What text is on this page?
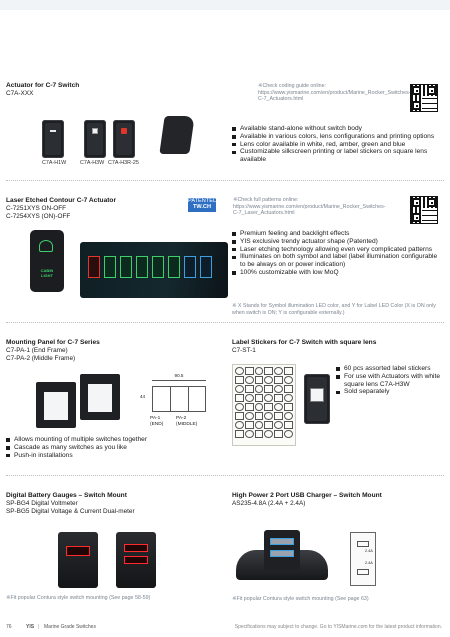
Actuator for C-7 Switch
C7A-XXX
※Check coding guide online: https://www.yismarine.com/en/product/Marine_Rocker_Switches-C-7_Actuators.html
C7A-H1W	C7A-H3W C7A-H3R-25
Available stand-alone without switch body
Available in various colors, lens configurations and printing options
Lens color available in white, red, amber, green and blue
Customizable silkscreen printing or label stickers on square lens available
Laser Etched Contour C-7 Actuator
C-7251XYS ON-OFF
C-7254XYS (ON)-OFF
PATENTED
TW.CH
※Check full patterns online: https://www.yismarine.com/en/product/Marine_Rocker_Switches-C-7_Laser_Actuators.html
CABIN
LIGHT
Premium feeling and backlight effects
YIS exclusive trendy actuator shape (Patented)
Laser etching technology allowing even very complicated patterns
Illuminates on both symbol and label (label illumination configurable to be always on or power indication)
100% customizable with low MoQ
※ X Stands for Symbol illumination LED color, and Y for Label LED Color (X is ON only when switch is ON; Y is configurable externally.)
Mounting Panel for C-7 Series
C7-PA-1 (End Frame)
C7-PA-2 (Middle Frame)
90.5
44
PA-1
(END)
PA-2
(MIDDLE)
Allows mounting of multiple switches together
Cascade as many switches as you like
Push-in installations
Label Stickers for C-7 Switch with square lens
C7-ST-1
60 pcs assorted label stickers
For use with Actuators with white square lens C7A-H3W
Sold separately
Digital Battery Gauges – Switch Mount
SP-BG4 Digital Voltmeter
SP-BG5 Digital Voltage & Current Dual-meter
※Fit popular Contura style switch mounting (See page 58-59)
High Power 2 Port USB Charger – Switch Mount
AS235-4.8A (2.4A + 2.4A)
2.4A
2.4A
※Fit popular Contura style switch mounting (See page 63)
76	YIS | Marine Grade Switches	Specifications may subject to change. Go to YISMarine.com for the latest product information.
